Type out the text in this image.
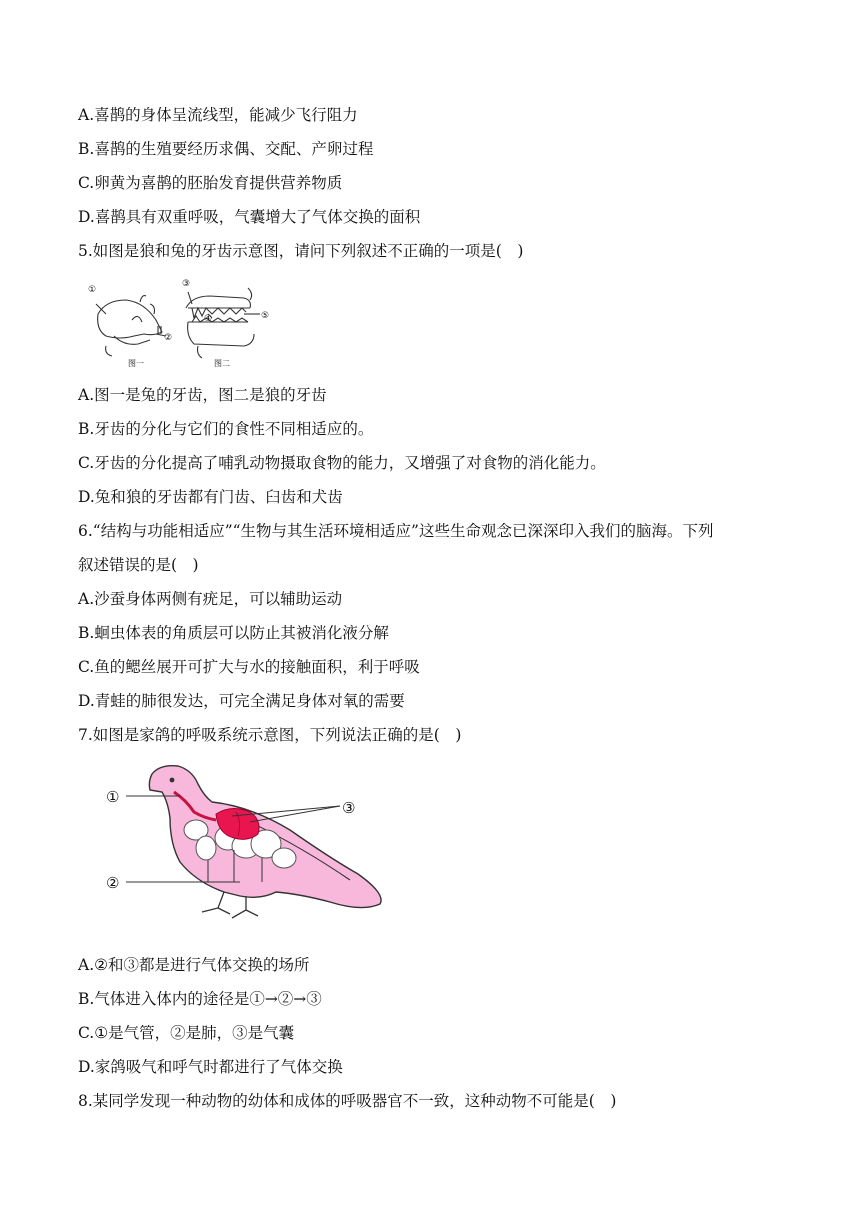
A.喜鹊的身体呈流线型，能减少飞行阻力
B.喜鹊的生殖要经历求偶、交配、产卵过程
C.卵黄为喜鹊的胚胎发育提供营养物质
D.喜鹊具有双重呼吸，气囊增大了气体交换的面积
5.如图是狼和兔的牙齿示意图，请问下列叙述不正确的一项是(　)
①
②
③
④	⑤
图一	图二
A.图一是兔的牙齿，图二是狼的牙齿
B.牙齿的分化与它们的食性不同相适应的。
C.牙齿的分化提高了哺乳动物摄取食物的能力，又增强了对食物的消化能力。
D.兔和狼的牙齿都有门齿、臼齿和犬齿
6.“结构与功能相适应”“生物与其生活环境相适应”这些生命观念已深深印入我们的脑海。下列
叙述错误的是(　)
A.沙蚕身体两侧有疣足，可以辅助运动
B.蛔虫体表的角质层可以防止其被消化液分解
C.鱼的鳃丝展开可扩大与水的接触面积，利于呼吸
D.青蛙的肺很发达，可完全满足身体对氧的需要
7.如图是家鸽的呼吸系统示意图，下列说法正确的是(　)
①
②
③
A.②和③都是进行气体交换的场所
B.气体进入体内的途径是①→②→③
C.①是气管，②是肺，③是气囊
D.家鸽吸气和呼气时都进行了气体交换
8.某同学发现一种动物的幼体和成体的呼吸器官不一致，这种动物不可能是(　)
